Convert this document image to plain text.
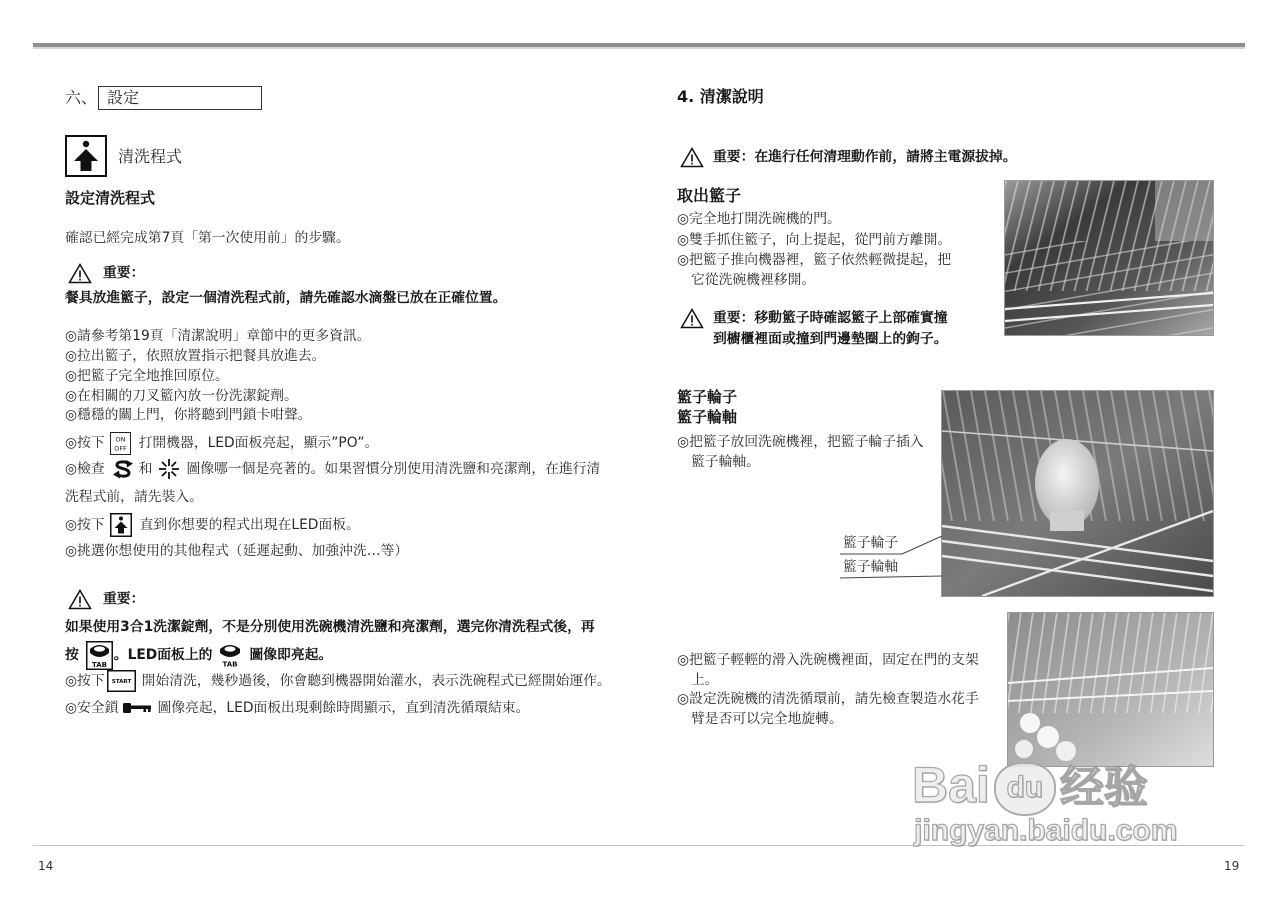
六、 設定
清洗程式
設定清洗程式
確認已經完成第7頁「第一次使用前」的步驟。
重要：
餐具放進籃子，設定一個清洗程式前，請先確認水滴盤已放在正確位置。
◎請參考第19頁「清潔說明」章節中的更多資訊。
◎拉出籃子，依照放置指示把餐具放進去。
◎把籃子完全地推回原位。
◎在相關的刀叉籃內放一份洗潔錠劑。
◎穩穩的關上門，你將聽到門鎖卡咁聲。
◎按下 ON
OFF 打開機器，LED面板亮起，顯示”PO”。
◎檢查 和 圖像哪一個是亮著的。如果習慣分別使用清洗鹽和亮潔劑，在進行清
洗程式前，請先裝入。
◎按下	直到你想要的程式出現在LED面板。
◎挑選你想使用的其他程式（延遲起動、加強沖洗…等）
重要：
如果使用3合1洗潔錠劑，不是分別使用洗碗機清洗鹽和亮潔劑，選完你清洗程式後，再
按
TAB
。LED面板上的
TAB
圖像即亮起。
◎按下 START 開始清洗，幾秒過後，你會聽到機器開始灌水，表示洗碗程式已經開始運作。
◎安全鎖	圖像亮起，LED面板出現剩餘時間顯示，直到清洗循環結束。
14
4. 清潔說明
重要：在進行任何清理動作前，請將主電源拔掉。
取出籃子
◎完全地打開洗碗機的門。
◎雙手抓住籃子，向上提起，從門前方離開。
◎把籃子推向機器裡，籃子依然輕微提起，把
它從洗碗機裡移開。
重要：移動籃子時確認籃子上部確實撞
到櫥櫃裡面或撞到門邊墊圈上的鉤子。
籃子輪子
籃子輪軸
◎把籃子放回洗碗機裡，把籃子輪子插入
籃子輪軸。
籃子輪子
籃子輪軸
◎把籃子輕輕的滑入洗碗機裡面，固定在門的支架
上。
◎設定洗碗機的清洗循環前，請先檢查製造水花手
臂是否可以完全地旋轉。
19
Bai du 经验
jingyan.baidu.com
